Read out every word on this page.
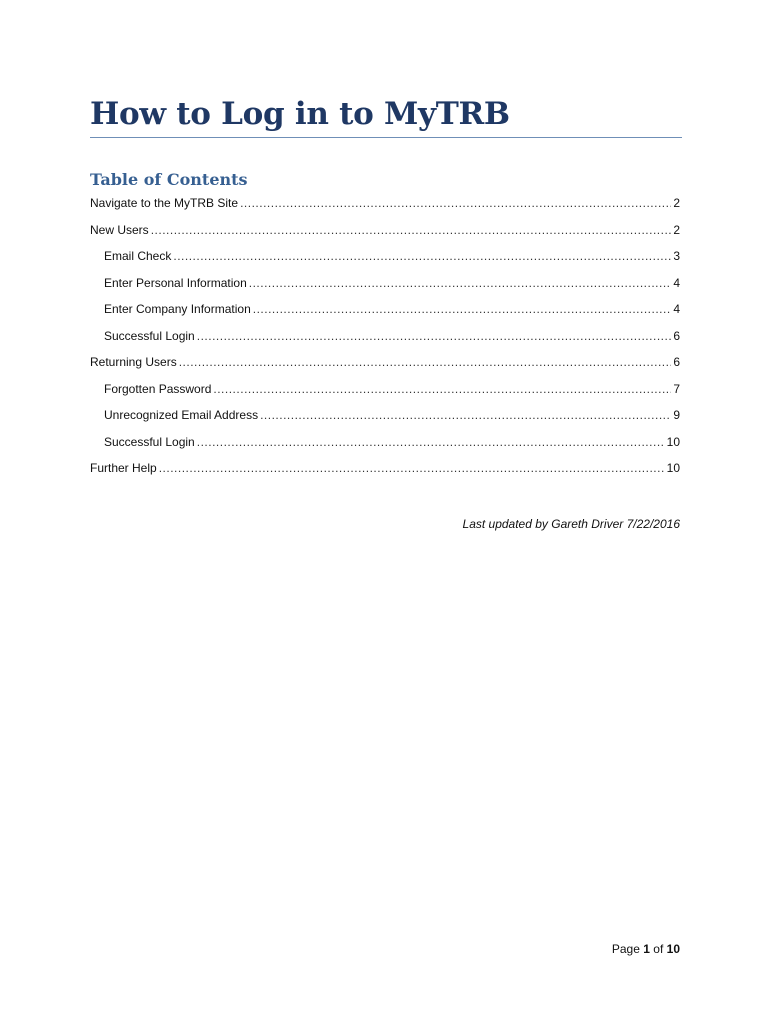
How to Log in to MyTRB
Table of Contents
Navigate to the MyTRB Site .....	2
New Users .....	2
Email Check .....	3
Enter Personal Information .....	4
Enter Company Information .....	4
Successful Login .....	6
Returning Users .....	6
Forgotten Password .....	7
Unrecognized Email Address .....	9
Successful Login .....	10
Further Help .....	10

Last updated by Gareth Driver 7/22/2016

Page 1 of 10
